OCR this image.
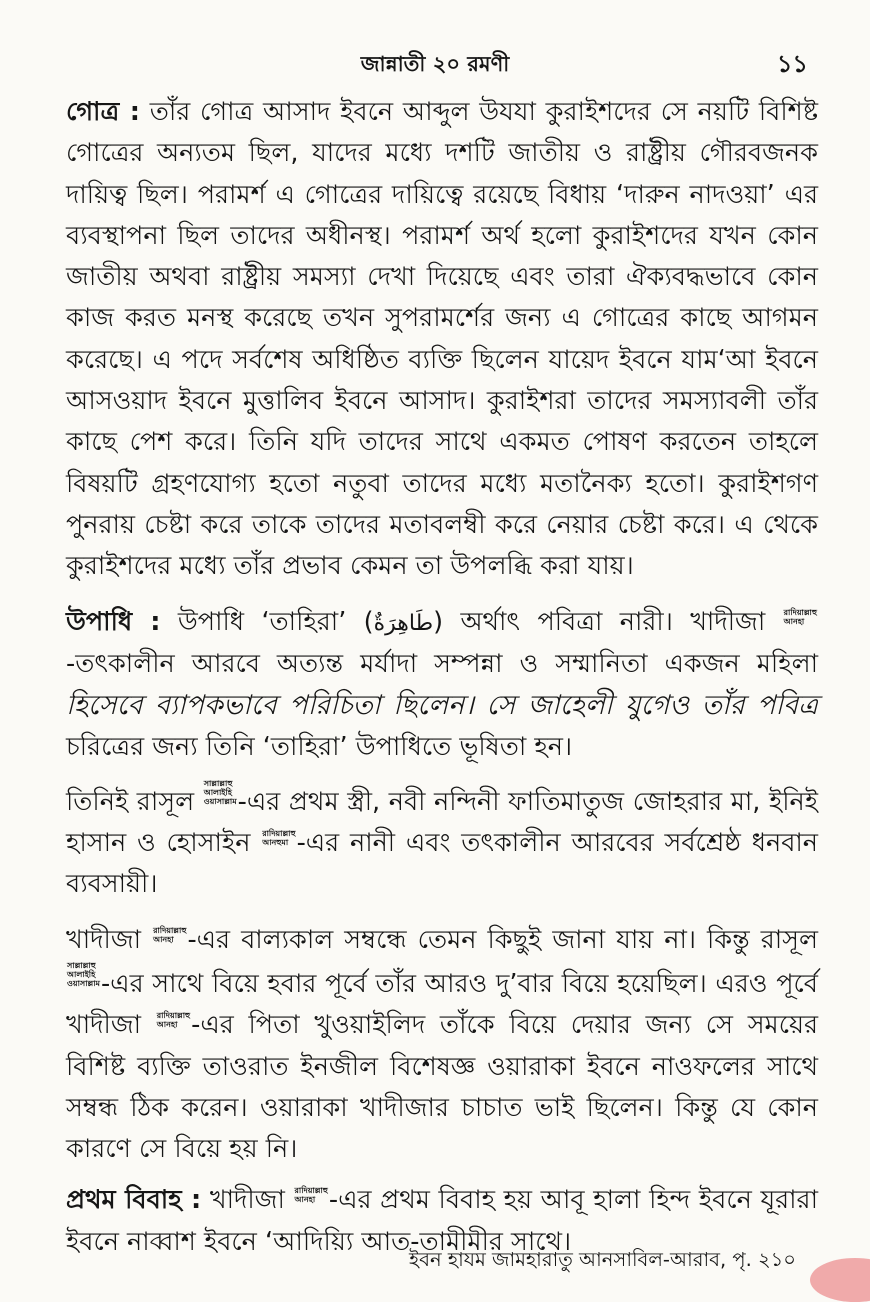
জান্নাতী ২০ রমণী	১১

গোত্র : তাঁর গোত্র আসাদ ইবনে আব্দুল উযযা কুরাইশদের সে নয়টি বিশিষ্ট গোত্রের অন্যতম ছিল, যাদের মধ্যে দশটি জাতীয় ও রাষ্ট্রীয় গৌরবজনক দায়িত্ব ছিল। পরামর্শ এ গোত্রের দায়িত্বে রয়েছে বিধায় ‘দারুন নাদওয়া’ এর ব্যবস্থাপনা ছিল তাদের অধীনস্থ। পরামর্শ অর্থ হলো কুরাইশদের যখন কোন জাতীয় অথবা রাষ্ট্রীয় সমস্যা দেখা দিয়েছে এবং তারা ঐক্যবদ্ধভাবে কোন কাজ করত মনস্থ করেছে তখন সুপরামর্শের জন্য এ গোত্রের কাছে আগমন করেছে। এ পদে সর্বশেষ অধিষ্ঠিত ব্যক্তি ছিলেন যায়েদ ইবনে যাম‘আ ইবনে আসওয়াদ ইবনে মুত্তালিব ইবনে আসাদ। কুরাইশরা তাদের সমস্যাবলী তাঁর কাছে পেশ করে। তিনি যদি তাদের সাথে একমত পোষণ করতেন তাহলে বিষয়টি গ্রহণযোগ্য হতো নতুবা তাদের মধ্যে মতানৈক্য হতো। কুরাইশগণ পুনরায় চেষ্টা করে তাকে তাদের মতাবলম্বী করে নেয়ার চেষ্টা করে। এ থেকে কুরাইশদের মধ্যে তাঁর প্রভাব কেমন তা উপলব্ধি করা যায়।

উপাধি : উপাধি ‘তাহিরা’ (طَاهِرَةٌ) অর্থাৎ পবিত্রা নারী। খাদীজা রাদিয়াল্লাহু
আনহা-তৎকালীন আরবে অত্যন্ত মর্যাদা সম্পন্না ও সম্মানিতা একজন মহিলা হিসেবে ব্যাপকভাবে পরিচিতা ছিলেন। সে জাহেলী যুগেও তাঁর পবিত্র চরিত্রের জন্য তিনি ‘তাহিরা’ উপাধিতে ভূষিতা হন।

তিনিই রাসূল সাল্লাল্লাহু
আলাইহি
ওয়াসাল্লাম-এর প্রথম স্ত্রী, নবী নন্দিনী ফাতিমাতুজ জোহরার মা, ইনিই হাসান ও হোসাইন রাদিয়াল্লাহু
আনহুমা -এর নানী এবং তৎকালীন আরবের সর্বশ্রেষ্ঠ ধনবান ব্যবসায়ী।

খাদীজা রাদিয়াল্লাহু
আনহা -এর বাল্যকাল সম্বন্ধে তেমন কিছুই জানা যায় না। কিন্তু রাসূল সাল্লাল্লাহু
আলাইহি
ওয়াসাল্লাম-এর সাথে বিয়ে হবার পূর্বে তাঁর আরও দু’বার বিয়ে হয়েছিল। এরও পূর্বে খাদীজা রাদিয়াল্লাহু
আনহা -এর পিতা খুওয়াইলিদ তাঁকে বিয়ে দেয়ার জন্য সে সময়ের বিশিষ্ট ব্যক্তি তাওরাত ইনজীল বিশেষজ্ঞ ওয়ারাকা ইবনে নাওফলের সাথে সম্বন্ধ ঠিক করেন। ওয়ারাকা খাদীজার চাচাত ভাই ছিলেন। কিন্তু যে কোন কারণে সে বিয়ে হয় নি।

প্রথম বিবাহ : খাদীজা রাদিয়াল্লাহু
আনহা -এর প্রথম বিবাহ হয় আবূ হালা হিন্দ ইবনে যূরারা ইবনে নাব্বাশ ইবনে ‘আদিয়্যি আত-তামীমীর সাথে।

ইবন হাযম জামহারাতু আনসাবিল-আরাব, পৃ. ২১০
